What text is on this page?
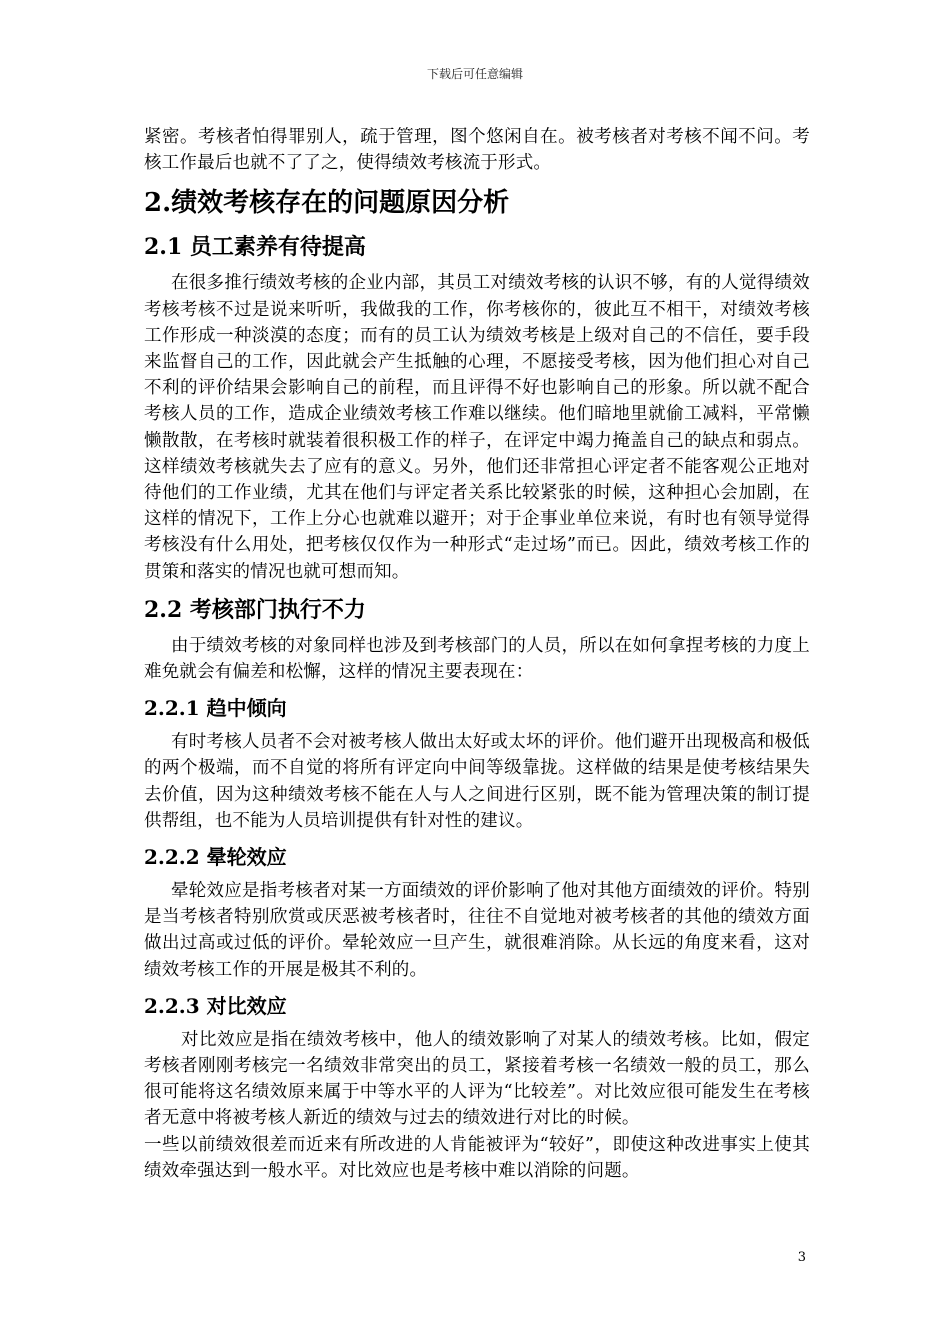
下载后可任意编辑

紧密。考核者怕得罪别人，疏于管理，图个悠闲自在。被考核者对考核不闻不问。考核工作最后也就不了了之，使得绩效考核流于形式。

2.绩效考核存在的问题原因分析
2.1 员工素养有待提高

在很多推行绩效考核的企业内部，其员工对绩效考核的认识不够，有的人觉得绩效考核考核不过是说来听听，我做我的工作，你考核你的，彼此互不相干，对绩效考核工作形成一种淡漠的态度；而有的员工认为绩效考核是上级对自己的不信任，要手段来监督自己的工作，因此就会产生抵触的心理，不愿接受考核，因为他们担心对自己不利的评价结果会影响自己的前程，而且评得不好也影响自己的形象。所以就不配合考核人员的工作，造成企业绩效考核工作难以继续。他们暗地里就偷工减料，平常懒懒散散，在考核时就装着很积极工作的样子，在评定中竭力掩盖自己的缺点和弱点。这样绩效考核就失去了应有的意义。另外，他们还非常担心评定者不能客观公正地对待他们的工作业绩，尤其在他们与评定者关系比较紧张的时候，这种担心会加剧，在这样的情况下，工作上分心也就难以避开；对于企事业单位来说，有时也有领导觉得考核没有什么用处，把考核仅仅作为一种形式“走过场”而已。因此，绩效考核工作的贯策和落实的情况也就可想而知。

2.2 考核部门执行不力

由于绩效考核的对象同样也涉及到考核部门的人员，所以在如何拿捏考核的力度上难免就会有偏差和松懈，这样的情况主要表现在：

2.2.1 趋中倾向

有时考核人员者不会对被考核人做出太好或太坏的评价。他们避开出现极高和极低的两个极端，而不自觉的将所有评定向中间等级靠拢。这样做的结果是使考核结果失去价值，因为这种绩效考核不能在人与人之间进行区别，既不能为管理决策的制订提供帮组，也不能为人员培训提供有针对性的建议。

2.2.2 晕轮效应

晕轮效应是指考核者对某一方面绩效的评价影响了他对其他方面绩效的评价。特别是当考核者特别欣赏或厌恶被考核者时，往往不自觉地对被考核者的其他的绩效方面做出过高或过低的评价。晕轮效应一旦产生，就很难消除。从长远的角度来看，这对绩效考核工作的开展是极其不利的。

2.2.3 对比效应

对比效应是指在绩效考核中，他人的绩效影响了对某人的绩效考核。比如，假定考核者刚刚考核完一名绩效非常突出的员工，紧接着考核一名绩效一般的员工，那么很可能将这名绩效原来属于中等水平的人评为“比较差”。对比效应很可能发生在考核者无意中将被考核人新近的绩效与过去的绩效进行对比的时候。

一些以前绩效很差而近来有所改进的人肯能被评为“较好”，即使这种改进事实上使其绩效牵强达到一般水平。对比效应也是考核中难以消除的问题。

3
